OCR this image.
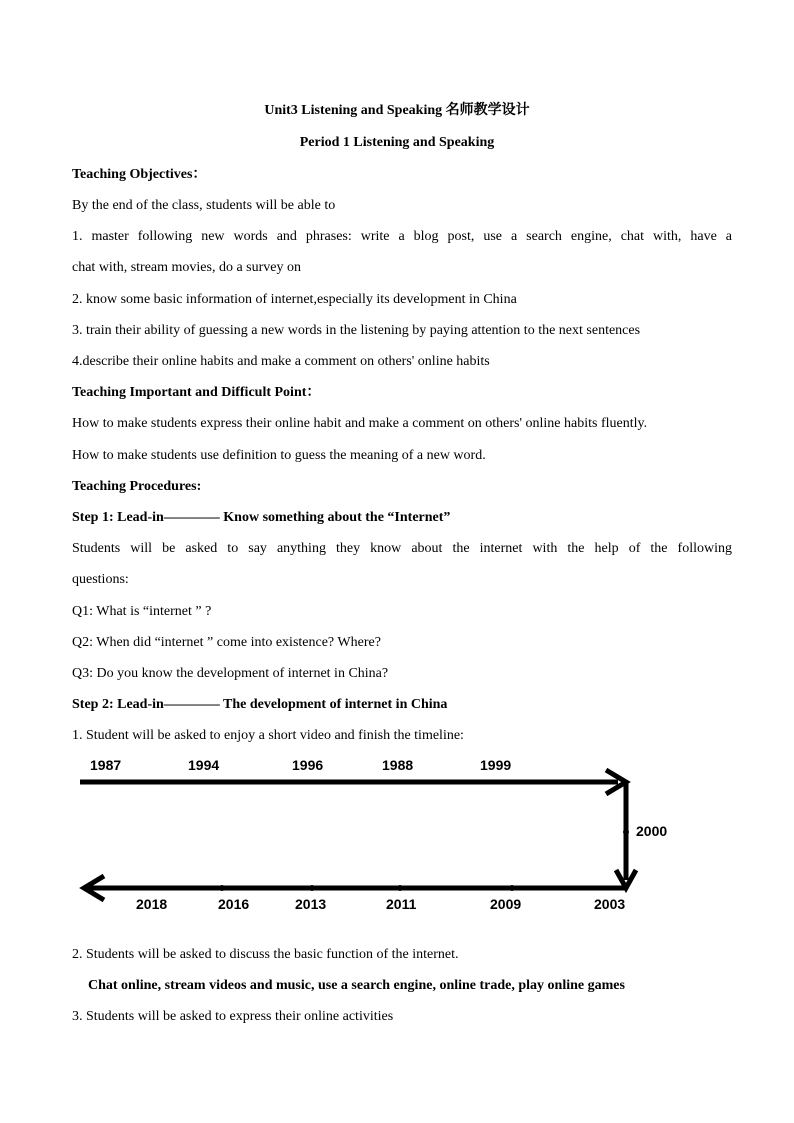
Unit3 Listening and Speaking 名师教学设计
Period 1 Listening and Speaking
Teaching Objectives：
By the end of the class, students will be able to
1. master following new words and phrases: write a blog post, use a search engine, chat with, have a
chat with, stream movies, do a survey on
2. know some basic information of internet,especially its development in China
3. train their ability of guessing a new words in the listening by paying attention to the next sentences
4.describe their online habits and make a comment on others' online habits
Teaching Important and Difficult Point：
How to make students express their online habit and make a comment on others' online habits fluently.
How to make students use definition to guess the meaning of a new word.
Teaching Procedures:
Step 1: Lead-in———— Know something about the “Internet”
Students will be asked to say anything they know about the internet with the help of the following
questions:
Q1: What is “internet ” ?
Q2: When did “internet ” come into existence? Where?
Q3: Do you know the development of internet in China?
Step 2: Lead-in———— The development of internet in China
1. Student will be asked to enjoy a short video and finish the timeline:
1987	1994	1996	1988	1999
2000
2018	2016	2013	2011	2009	2003
2. Students will be asked to discuss the basic function of the internet.
Chat online, stream videos and music, use a search engine, online trade, play online games
3. Students will be asked to express their online activities
